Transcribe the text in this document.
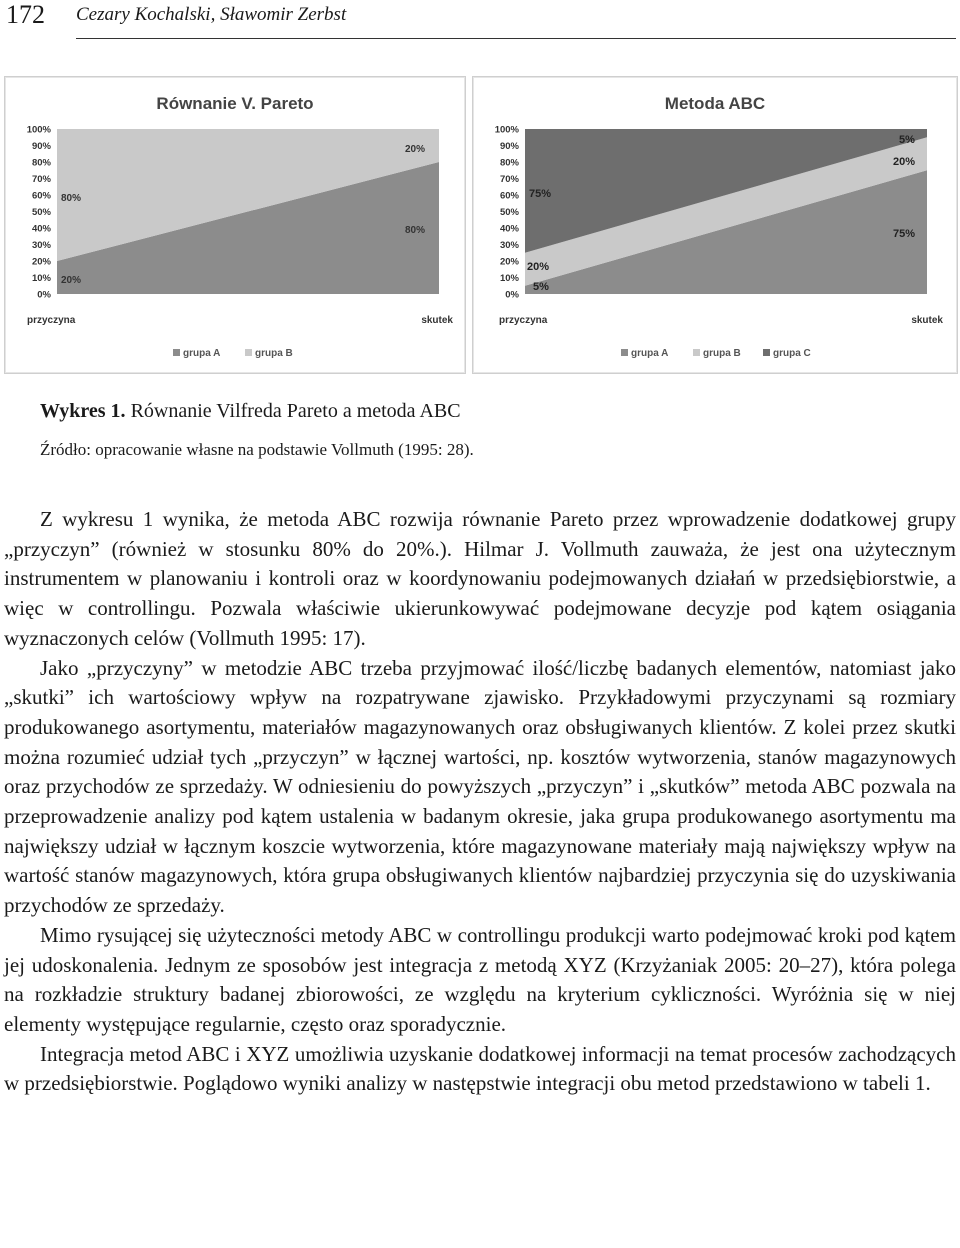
172 Cezary Kochalski, Sławomir Zerbst
Równanie V. Pareto
100%
90%
80%
70%
60%
50%
40%
30%
20%
10%
0%
80%
20%
20%
80%
przyczyna	skutek
grupa A	grupa B
Metoda ABC
100%
90%
80%
70%
60%
50%
40%
30%
20%
10%
0%
75%
20%
5%
5%
20%
75%
przyczyna	skutek
grupa A	grupa B	grupa C
Wykres 1. Równanie Vilfreda Pareto a metoda ABC
Źródło: opracowanie własne na podstawie Vollmuth (1995: 28).

Z wykresu 1 wynika, że metoda ABC rozwija równanie Pareto przez wprowadzenie dodatkowej grupy „przyczyn” (również w stosunku 80% do 20%.). Hilmar J. Vollmuth zauważa, że jest ona użytecznym instrumentem w planowaniu i kontroli oraz w koordynowaniu podejmowanych działań w przedsiębiorstwie, a więc w controllingu. Pozwala właściwie ukierunkowywać podejmowane decyzje pod kątem osiągania wyznaczonych celów (Vollmuth 1995: 17).

Jako „przyczyny” w metodzie ABC trzeba przyjmować ilość/liczbę badanych elementów, natomiast jako „skutki” ich wartościowy wpływ na rozpatrywane zjawisko. Przykładowymi przyczynami są rozmiary produkowanego asortymentu, materiałów magazynowanych oraz obsługiwanych klientów. Z kolei przez skutki można rozumieć udział tych „przyczyn” w łącznej wartości, np. kosztów wytworzenia, stanów magazynowych oraz przychodów ze sprzedaży. W odniesieniu do powyższych „przyczyn” i „skutków” metoda ABC pozwala na przeprowadzenie analizy pod kątem ustalenia w badanym okresie, jaka grupa produkowanego asortymentu ma największy udział w łącznym koszcie wytworzenia, które magazynowane materiały mają największy wpływ na wartość stanów magazynowych, która grupa obsługiwanych klientów najbardziej przyczynia się do uzyskiwania przychodów ze sprzedaży.

Mimo rysującej się użyteczności metody ABC w controllingu produkcji warto podejmować kroki pod kątem jej udoskonalenia. Jednym ze sposobów jest integracja z metodą XYZ (Krzyżaniak 2005: 20–27), która polega na rozkładzie struktury badanej zbiorowości, ze względu na kryterium cykliczności. Wyróżnia się w niej elementy występujące regularnie, często oraz sporadycznie.

Integracja metod ABC i XYZ umożliwia uzyskanie dodatkowej informacji na temat procesów zachodzących w przedsiębiorstwie. Poglądowo wyniki analizy w następstwie integracji obu metod przedstawiono w tabeli 1.
